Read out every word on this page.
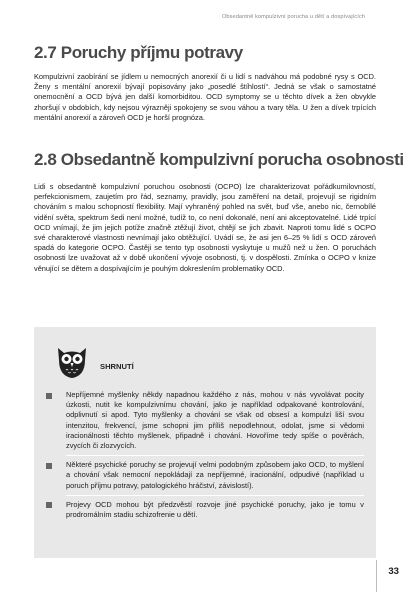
Obsedantně kompulzivní porucha u dětí a dospívajících
2.7 Poruchy příjmu potravy
Kompulzivní zaobírání se jídlem u nemocných anorexií či u lidí s nadváhou má podobné rysy s OCD. Ženy s mentální anorexií bývají popisovány jako „posedlé štíhlostí“. Jedná se však o samostatné onemocnění a OCD bývá jen další komorbiditou. OCD symptomy se u těchto dívek a žen obvykle zhoršují v obdobích, kdy nejsou výrazněji spokojeny se svou váhou a tvary těla. U žen a dívek trpících mentální anorexií a zároveň OCD je horší prognóza.
2.8 Obsedantně kompulzivní porucha osobnosti
Lidi s obsedantně kompulzivní poruchou osobnosti (OCPO) lze charakterizovat pořádkumilovností, perfekcionismem, zaujetím pro řád, seznamy, pravidly, jsou zaměření na detail, projevují se rigidním chováním s malou schopností flexibility. Mají vyhraněný pohled na svět, buď vše, anebo nic, černobílé vidění světa, spektrum šedi není možné, tudíž to, co není dokonalé, není ani akceptovatelné. Lidé trpící OCD vnímají, že jim jejich potíže značně ztěžují život, chtějí se jich zbavit. Naproti tomu lidé s OCPO své charakterové vlastnosti nevnímají jako obtěžující. Uvádí se, že asi jen 6–25 % lidí s OCD zároveň spadá do kategorie OCPO. Častěji se tento typ osobnosti vyskytuje u mužů než u žen. O poruchách osobnosti lze uvažovat až v době ukončení vývoje osobnosti, tj. v dospělosti. Zmínka o OCPO v knize věnující se dětem a dospívajícím je pouhým dokreslením problematiky OCD.
SHRNUTÍ
Nepříjemné myšlenky někdy napadnou každého z nás, mohou v nás vyvolávat pocity úzkosti, nutit ke kompulzivnímu chování, jako je například odpakované kontrolování, odplivnutí si apod. Tyto myšlenky a chování se však od obsesí a kompulzí liší svou intenzitou, frekvencí, jsme schopni jim příliš nepodlehnout, odolat, jsme si vědomi iracionálnosti těchto myšlenek, připadně i chování. Hovoříme tedy spíše o pověrách, zvycích či zlozvycích.
Některé psychické poruchy se projevují velmi podobným způsobem jako OCD, to myšlení a chování však nemocní nepokládají za nepříjemné, iracionální, odpudivé (například u poruch příjmu potravy, patologického hráčství, závislostí).
Projevy OCD mohou být předzvěstí rozvoje jiné psychické poruchy, jako je tomu v prodromálním stadiu schizofrenie u dětí.
33
